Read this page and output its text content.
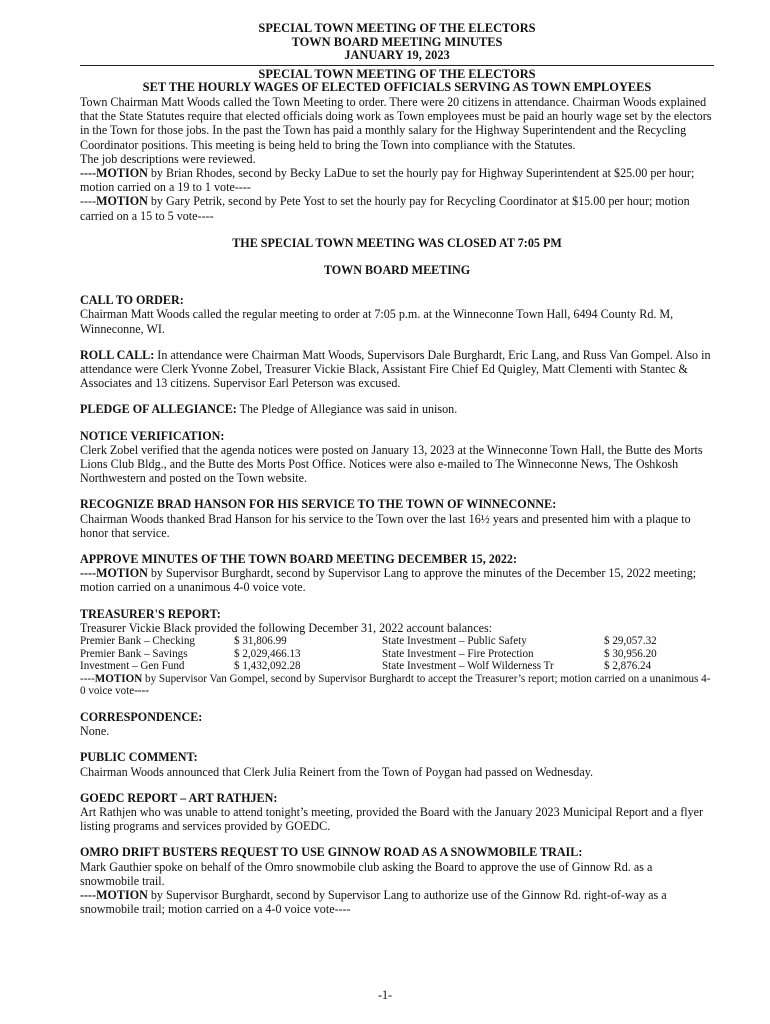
SPECIAL TOWN MEETING OF THE ELECTORS
TOWN BOARD MEETING MINUTES
JANUARY 19, 2023
SPECIAL TOWN MEETING OF THE ELECTORS
SET THE HOURLY WAGES OF ELECTED OFFICIALS SERVING AS TOWN EMPLOYEES

Town Chairman Matt Woods called the Town Meeting to order. There were 20 citizens in attendance. Chairman Woods explained that the State Statutes require that elected officials doing work as Town employees must be paid an hourly wage set by the electors in the Town for those jobs. In the past the Town has paid a monthly salary for the Highway Superintendent and the Recycling Coordinator positions. This meeting is being held to bring the Town into compliance with the Statutes.

The job descriptions were reviewed.

----MOTION by Brian Rhodes, second by Becky LaDue to set the hourly pay for Highway Superintendent at $25.00 per hour; motion carried on a 19 to 1 vote----

----MOTION by Gary Petrik, second by Pete Yost to set the hourly pay for Recycling Coordinator at $15.00 per hour; motion carried on a 15 to 5 vote----

THE SPECIAL TOWN MEETING WAS CLOSED AT 7:05 PM
TOWN BOARD MEETING

CALL TO ORDER:

Chairman Matt Woods called the regular meeting to order at 7:05 p.m. at the Winneconne Town Hall, 6494 County Rd. M, Winneconne, WI.

ROLL CALL: In attendance were Chairman Matt Woods, Supervisors Dale Burghardt, Eric Lang, and Russ Van Gompel. Also in attendance were Clerk Yvonne Zobel, Treasurer Vickie Black, Assistant Fire Chief Ed Quigley, Matt Clementi with Stantec & Associates and 13 citizens. Supervisor Earl Peterson was excused.

PLEDGE OF ALLEGIANCE: The Pledge of Allegiance was said in unison.

NOTICE VERIFICATION:

Clerk Zobel verified that the agenda notices were posted on January 13, 2023 at the Winneconne Town Hall, the Butte des Morts Lions Club Bldg., and the Butte des Morts Post Office. Notices were also e-mailed to The Winneconne News, The Oshkosh Northwestern and posted on the Town website.

RECOGNIZE BRAD HANSON FOR HIS SERVICE TO THE TOWN OF WINNECONNE:

Chairman Woods thanked Brad Hanson for his service to the Town over the last 16½ years and presented him with a plaque to honor that service.

APPROVE MINUTES OF THE TOWN BOARD MEETING DECEMBER 15, 2022:

----MOTION by Supervisor Burghardt, second by Supervisor Lang to approve the minutes of the December 15, 2022 meeting; motion carried on a unanimous 4-0 voice vote.

TREASURER'S REPORT:

Treasurer Vickie Black provided the following December 31, 2022 account balances:

Premier Bank – Checking	$ 31,806.99	State Investment – Public Safety	$ 29,057.32
Premier Bank – Savings	$ 2,029,466.13	State Investment – Fire Protection	$ 30,956.20
Investment – Gen Fund	$ 1,432,092.28	State Investment – Wolf Wilderness Tr	$ 2,876.24

----MOTION by Supervisor Van Gompel, second by Supervisor Burghardt to accept the Treasurer’s report; motion carried on a unanimous 4-0 voice vote----

CORRESPONDENCE:

None.

PUBLIC COMMENT:

Chairman Woods announced that Clerk Julia Reinert from the Town of Poygan had passed on Wednesday.

GOEDC REPORT – ART RATHJEN:

Art Rathjen who was unable to attend tonight’s meeting, provided the Board with the January 2023 Municipal Report and a flyer listing programs and services provided by GOEDC.

OMRO DRIFT BUSTERS REQUEST TO USE GINNOW ROAD AS A SNOWMOBILE TRAIL:

Mark Gauthier spoke on behalf of the Omro snowmobile club asking the Board to approve the use of Ginnow Rd. as a snowmobile trail.

----MOTION by Supervisor Burghardt, second by Supervisor Lang to authorize use of the Ginnow Rd. right-of-way as a snowmobile trail; motion carried on a 4-0 voice vote----

-1-
